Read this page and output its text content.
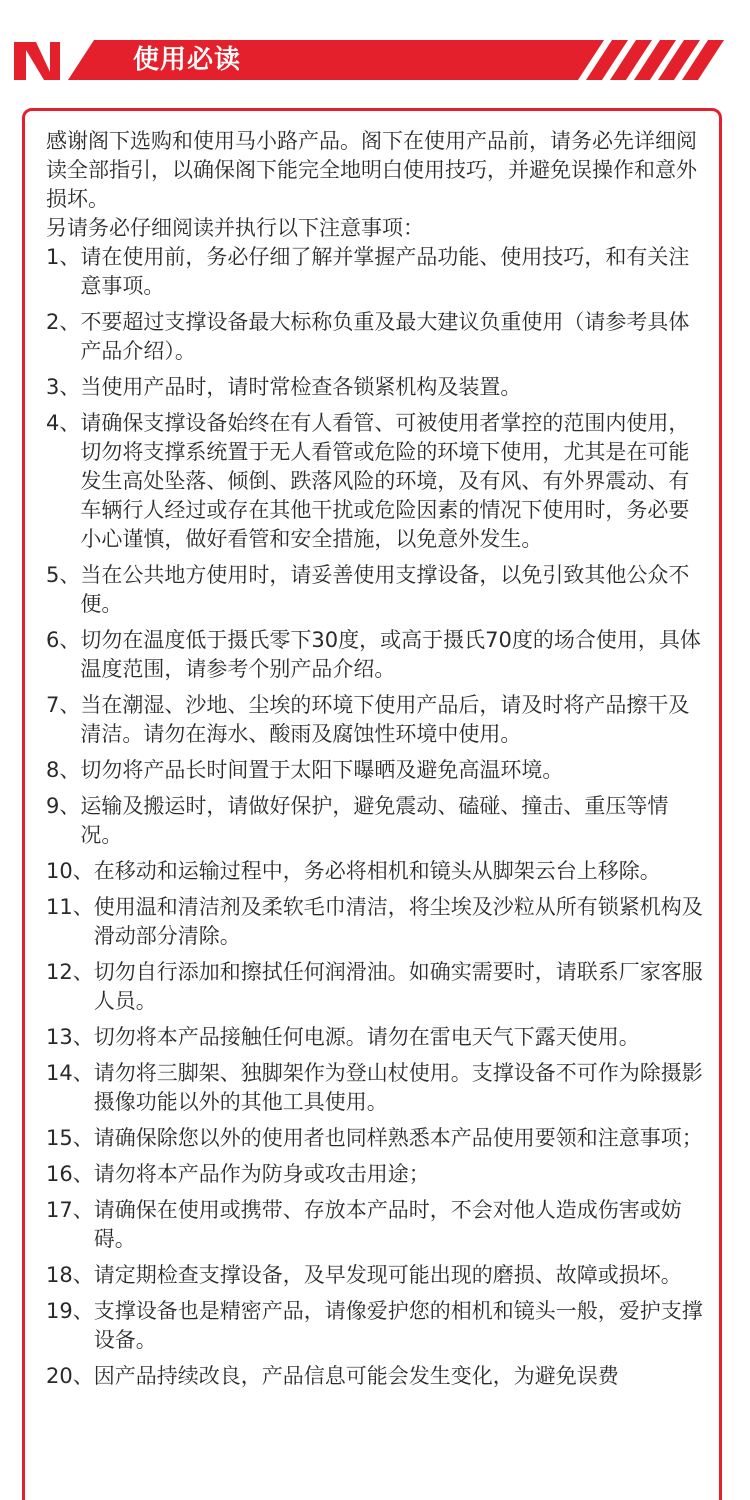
使用必读

感谢阁下选购和使用马小路产品。阁下在使用产品前，请务必先详细阅读全部指引，以确保阁下能完全地明白使用技巧，并避免误操作和意外损坏。

另请务必仔细阅读并执行以下注意事项：

1、 请在使用前，务必仔细了解并掌握产品功能、使用技巧，和有关注意事项。
2、 不要超过支撑设备最大标称负重及最大建议负重使用（请参考具体产品介绍）。
3、 当使用产品时，请时常检查各锁紧机构及装置。
4、 请确保支撑设备始终在有人看管、可被使用者掌控的范围内使用，切勿将支撑系统置于无人看管或危险的环境下使用，尤其是在可能发生高处坠落、倾倒、跌落风险的环境，及有风、有外界震动、有车辆行人经过或存在其他干扰或危险因素的情况下使用时，务必要小心谨慎，做好看管和安全措施，以免意外发生。
5、 当在公共地方使用时，请妥善使用支撑设备，以免引致其他公众不便。
6、 切勿在温度低于摄氏零下30度，或高于摄氏70度的场合使用，具体温度范围，请参考个别产品介绍。
7、 当在潮湿、沙地、尘埃的环境下使用产品后，请及时将产品擦干及清洁。请勿在海水、酸雨及腐蚀性环境中使用。
8、 切勿将产品长时间置于太阳下曝晒及避免高温环境。
9、 运输及搬运时，请做好保护，避免震动、磕碰、撞击、重压等情况。
10、 在移动和运输过程中，务必将相机和镜头从脚架云台上移除。
11、 使用温和清洁剂及柔软毛巾清洁，将尘埃及沙粒从所有锁紧机构及滑动部分清除。
12、 切勿自行添加和擦拭任何润滑油。如确实需要时，请联系厂家客服人员。
13、 切勿将本产品接触任何电源。请勿在雷电天气下露天使用。
14、 请勿将三脚架、独脚架作为登山杖使用。支撑设备不可作为除摄影摄像功能以外的其他工具使用。
15、 请确保除您以外的使用者也同样熟悉本产品使用要领和注意事项；
16、 请勿将本产品作为防身或攻击用途；
17、 请确保在使用或携带、存放本产品时，不会对他人造成伤害或妨碍。
18、 请定期检查支撑设备，及早发现可能出现的磨损、故障或损坏。
19、 支撑设备也是精密产品，请像爱护您的相机和镜头一般，爱护支撑设备。
20、 因产品持续改良，产品信息可能会发生变化，为避免误费
